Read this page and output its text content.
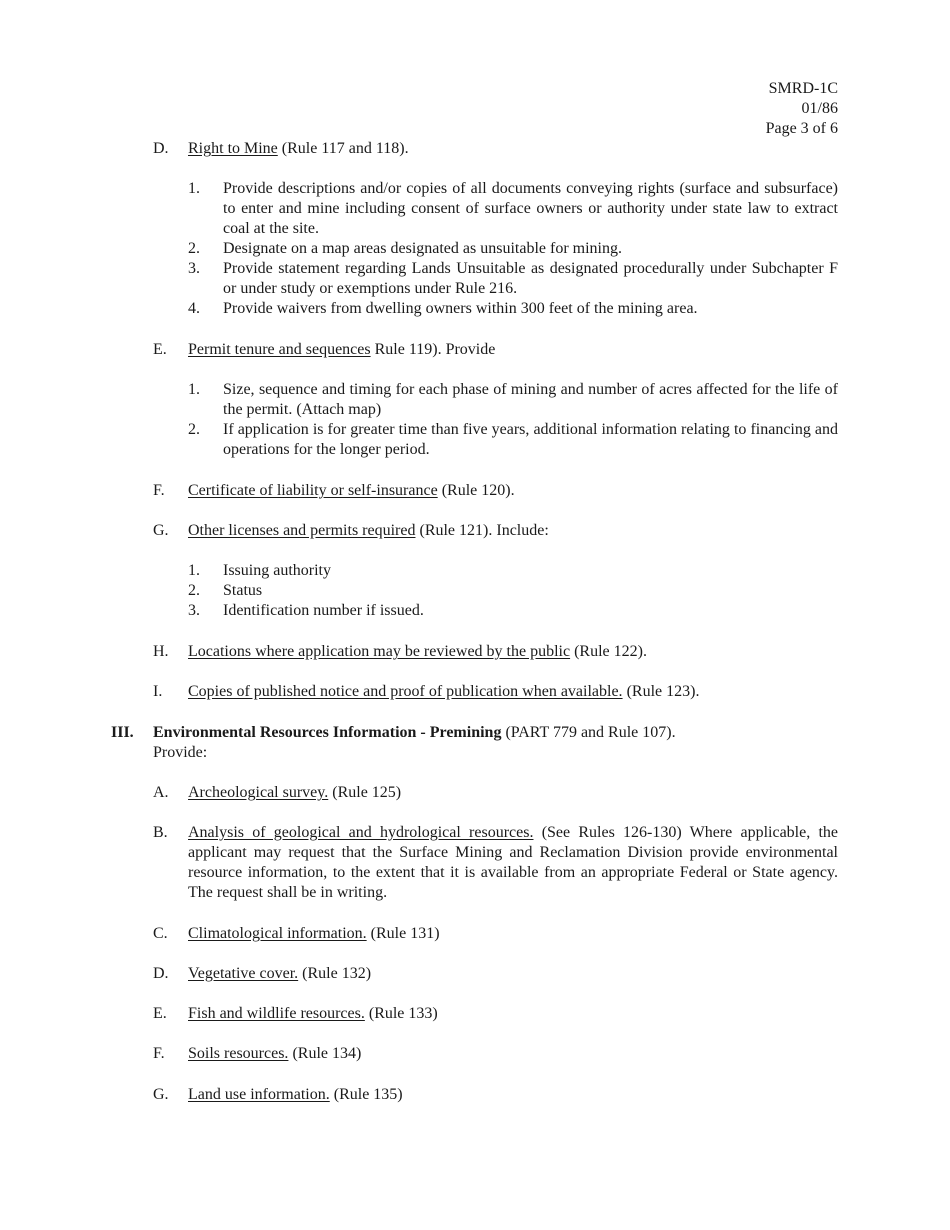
SMRD-1C
01/86
Page 3 of 6
D. Right to Mine (Rule 117 and 118).
1. Provide descriptions and/or copies of all documents conveying rights (surface and subsurface) to enter and mine including consent of surface owners or authority under state law to extract coal at the site.
2. Designate on a map areas designated as unsuitable for mining.
3. Provide statement regarding Lands Unsuitable as designated procedurally under Subchapter F or under study or exemptions under Rule 216.
4. Provide waivers from dwelling owners within 300 feet of the mining area.
E. Permit tenure and sequences Rule 119). Provide
1. Size, sequence and timing for each phase of mining and number of acres affected for the life of the permit. (Attach map)
2. If application is for greater time than five years, additional information relating to financing and operations for the longer period.
F. Certificate of liability or self-insurance (Rule 120).
G. Other licenses and permits required (Rule 121). Include:
1. Issuing authority
2. Status
3. Identification number if issued.
H. Locations where application may be reviewed by the public (Rule 122).
I. Copies of published notice and proof of publication when available. (Rule 123).
III. Environmental Resources Information - Premining (PART 779 and Rule 107).
Provide:
A. Archeological survey. (Rule 125)
B. Analysis of geological and hydrological resources. (See Rules 126-130) Where applicable, the applicant may request that the Surface Mining and Reclamation Division provide environmental resource information, to the extent that it is available from an appropriate Federal or State agency. The request shall be in writing.
C. Climatological information. (Rule 131)
D. Vegetative cover. (Rule 132)
E. Fish and wildlife resources. (Rule 133)
F. Soils resources. (Rule 134)
G. Land use information. (Rule 135)
